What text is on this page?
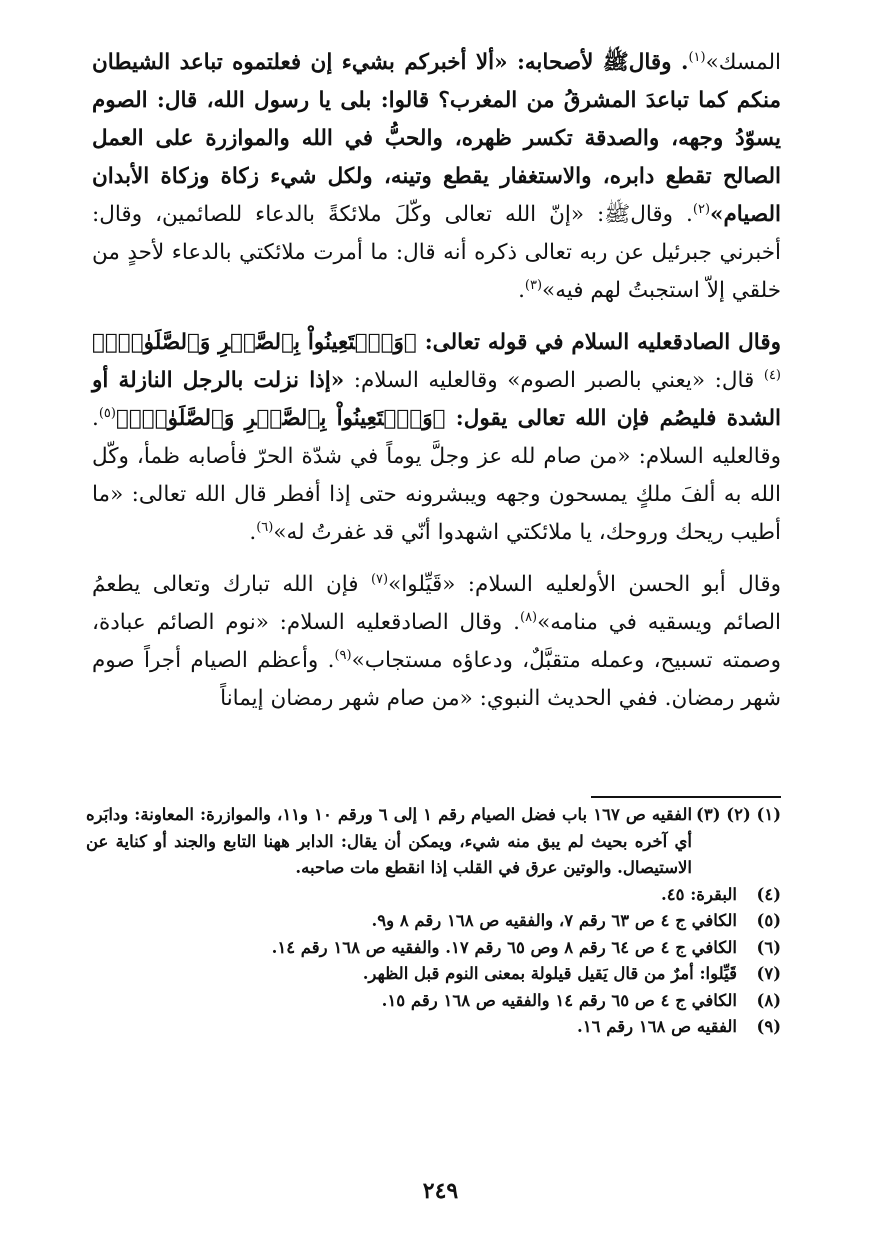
المسك»$^{(١)}$. وقالﷺ لأصحابه: «ألا أخبركم بشيء إن فعلتموه تباعد الشيطان منكم كما تباعدَ المشرقُ من المغرب؟ قالوا: بلى يا رسول الله، قال: الصوم يسوّدُ وجهه، والصدقة تكسر ظهره، والحبُّ في الله والموازرة على العمل الصالح تقطع دابره، والاستغفار يقطع وتينه، ولكل شيء زكاة وزكاة الأبدان الصيام»$^{(٢)}$. وقالﷺ: «إنّ الله تعالى وكّلَ ملائكةً بالدعاء للصائمين، وقال: أخبرني جبرئيل عن ربه تعالى ذكره أنه قال: ما أمرت ملائكتي بالدعاء لأحدٍ من خلقي إلاّ استجبتُ لهم فيه»$^{(٣)}$.

وقال الصادقعليه السلام في قوله تعالى: ﴿وَٱسۡتَعِينُواْ بِٱلصَّبۡرِ وَٱلصَّلَوٰةِۚ﴾$^{(٤)}$ قال: «يعني بالصبر الصوم» وقالعليه السلام: «إذا نزلت بالرجل النازلة أو الشدة فليصُم فإن الله تعالى يقول: ﴿وَٱسۡتَعِينُواْ بِٱلصَّبۡرِ وَٱلصَّلَوٰةِۚ﴾$^{(٥)}$. وقالعليه السلام: «من صام لله عز وجلَّ يوماً في شدّة الحرّ فأصابه ظمأ، وكّل الله به ألفَ ملكٍ يمسحون وجهه ويبشرونه حتى إذا أفطر قال الله تعالى: «ما أطيب ريحك وروحك، يا ملائكتي اشهدوا أنّي قد غفرتُ له»$^{(٦)}$.

وقال أبو الحسن الأولعليه السلام: «قَيِّلوا»$^{(٧)}$ فإن الله تبارك وتعالى يطعمُ الصائم ويسقيه في منامه»$^{(٨)}$. وقال الصادقعليه السلام: «نوم الصائم عبادة، وصمته تسبيح، وعمله متقبَّلٌ، ودعاؤه مستجاب»$^{(٩)}$. وأعظم الصيام أجراً صوم شهر رمضان. ففي الحديث النبوي: «من صام شهر رمضان إيماناً

(١) (٢) (٣)
الفقيه ص ١٦٧ باب فضل الصيام رقم ١ إلى ٦ ورقم ١٠ و١١، والموازرة: المعاونة: ودابَره أي آخره بحيث لم يبق منه شيء، ويمكن أن يقال: الدابر ههنا التابع والجند أو كناية عن الاستيصال. والوتين عرق في القلب إذا انقطع مات صاحبه.
(٤)
البقرة: ٤٥.
(٥)
الكافي ج ٤ ص ٦٣ رقم ٧، والفقيه ص ١٦٨ رقم ٨ و٩.
(٦)
الكافي ج ٤ ص ٦٤ رقم ٨ وص ٦٥ رقم ١٧. والفقيه ص ١٦٨ رقم ١٤.
(٧)
قَيِّلوا: أمرٌ من قال يَقيل قيلولة بمعنى النوم قبل الظهر.
(٨)
الكافي ج ٤ ص ٦٥ رقم ١٤ والفقيه ص ١٦٨ رقم ١٥.
(٩)
الفقيه ص ١٦٨ رقم ١٦.
٢٤٩
